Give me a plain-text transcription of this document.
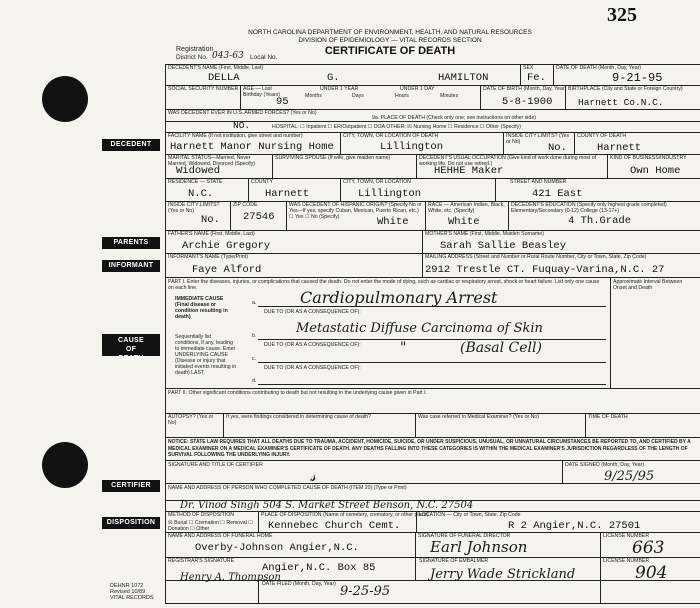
325
NORTH CAROLINA DEPARTMENT OF ENVIRONMENT, HEALTH, AND NATURAL RESOURCES
DIVISION OF EPIDEMIOLOGY — VITAL RECORDS SECTION
CERTIFICATE OF DEATH
Registration
District No. 043-63 Local No.
DECEDENT
PARENTS
INFORMANT
CAUSE OF DEATH
CERTIFIER
DISPOSITION
DECEDENT'S NAME (First, Middle, Last)
DELLA	G.	HAMILTON
SEX
Fe.
DATE OF DEATH (Month, Day, Year)
9-21-95
SOCIAL SECURITY NUMBER AGE — Last Birthday (Years)
95
UNDER 1 YEAR
Months	Days
UNDER 1 DAY
Hours	Minutes
DATE OF BIRTH (Month, Day, Year)
5-8-1900
BIRTHPLACE (City and State or Foreign Country)
Harnett Co.N.C.
WAS DECEDENT EVER IN U.S. ARMED FORCES? (Yes or No)
9a. PLACE OF DEATH (Check only one; see instructions on other side)
NO.	HOSPITAL: ☐ Inpatient ☐ ER/Outpatient ☐ DOA OTHER: ☒ Nursing Home ☐ Residence ☐ Other (Specify)
FACILITY NAME (If not institution, give street and number)
Harnett Manor Nursing Home
CITY, TOWN, OR LOCATION OF DEATH
Lillington
INSIDE CITY LIMITS? (Yes or No)	No.
COUNTY OF DEATH
Harnett
MARITAL STATUS—Married, Never Married, Widowed, Divorced (Specify)
Widowed
SURVIVING SPOUSE (If wife, give maiden name)	DECEDENT'S USUAL OCCUPATION (Give kind of work done during most of working life. Do not use retired.)
HEHHE Maker
KIND OF BUSINESS/INDUSTRY
Own Home
RESIDENCE — STATE
N.C.
COUNTY
Harnett
CITY, TOWN, OR LOCATION
Lillington
STREET AND NUMBER
421 East
INSIDE CITY LIMITS? (Yes or No)
No.
ZIP CODE
27546
WAS DECEDENT OF HISPANIC ORIGIN? (Specify No or Yes—If yes, specify Cuban, Mexican, Puerto Rican, etc.) ☐ Yes ☐ No (Specify)	White
RACE — American Indian, Black, White, etc. (Specify)
White
DECEDENT'S EDUCATION (Specify only highest grade completed) Elementary/Secondary (0-12) College (13-17+)
4 Th.Grade
FATHER'S NAME (First, Middle, Last)
Archie Gregory
MOTHER'S NAME (First, Middle, Maiden Surname)
Sarah Sallie Beasley
INFORMANT'S NAME (Type/Print)
Faye Alford
MAILING ADDRESS (Street and Number or Rural Route Number, City or Town, State, Zip Code)
2912 Trestle CT. Fuquay-Varina,N.C. 27
PART I. Enter the diseases, injuries, or complications that caused the death. Do not enter the mode of dying, such as cardiac or respiratory arrest, shock or heart failure. List only one cause on each line.
Approximate Interval Between Onset and Death
IMMEDIATE CAUSE (Final disease or condition resulting in death)
Sequentially list conditions, if any, leading to immediate cause. Enter UNDERLYING CAUSE (Disease or injury that initiated events resulting in death) LAST.
a.
DUE TO (OR AS A CONSEQUENCE OF):
b.
DUE TO (OR AS A CONSEQUENCE OF):
c.
DUE TO (OR AS A CONSEQUENCE OF):
d.
Cardiopulmonary Arrest
Metastatic Diffuse Carcinoma of Skin
"	(Basal Cell)
PART II. Other significant conditions contributing to death but not resulting in the underlying cause given in Part I.
AUTOPSY? (Yes or No)
If yes, were findings considered in determining cause of death?	Was case referred to Medical Examiner? (Yes or No)	TIME OF DEATH
NOTICE: STATE LAW REQUIRES THAT ALL DEATHS DUE TO TRAUMA, ACCIDENT, HOMICIDE, SUICIDE, OR UNDER SUSPICIOUS, UNUSUAL, OR UNNATURAL CIRCUMSTANCES BE REPORTED TO, AND CERTIFIED BY A MEDICAL EXAMINER ON A MEDICAL EXAMINER'S CERTIFICATE OF DEATH. ANY DEATHS FALLING INTO THESE CATEGORIES IS WITHIN THE MEDICAL EXAMINER'S JURISDICTION REGARDLESS OF THE LENGTH OF SURVIVAL FOLLOWING THE UNDERLYING INJURY.
SIGNATURE AND TITLE OF CERTIFIER
𝓈
DATE SIGNED (Month, Day, Year)
9/25/95
NAME AND ADDRESS OF PERSON WHO COMPLETED CAUSE OF DEATH (ITEM 20) (Type or Print)
Dr. Vinod Singh 504 S. Market Street Benson, N.C. 27504
METHOD OF DISPOSITION
☒ Burial ☐ Cremation ☐ Removal ☐ Donation ☐ Other
PLACE OF DISPOSITION (Name of cemetery, crematory, or other place)
Kennebec Church Cemt.
LOCATION — City or Town, State, Zip Code
R 2 Angier,N.C. 27501
NAME AND ADDRESS OF FUNERAL HOME
Overby-Johnson Angier,N.C.
SIGNATURE OF FUNERAL DIRECTOR
Earl Johnson
LICENSE NUMBER
663
REGISTRAR'S SIGNATURE
Angier,N.C. Box 85
Henry A. Thompson
DATE FILED (Month, Day, Year) 9-25-95
SIGNATURE OF EMBALMER
Jerry Wade Strickland
LICENSE NUMBER
904
DEHNR 1072 Revised 10/89 VITAL RECORDS
